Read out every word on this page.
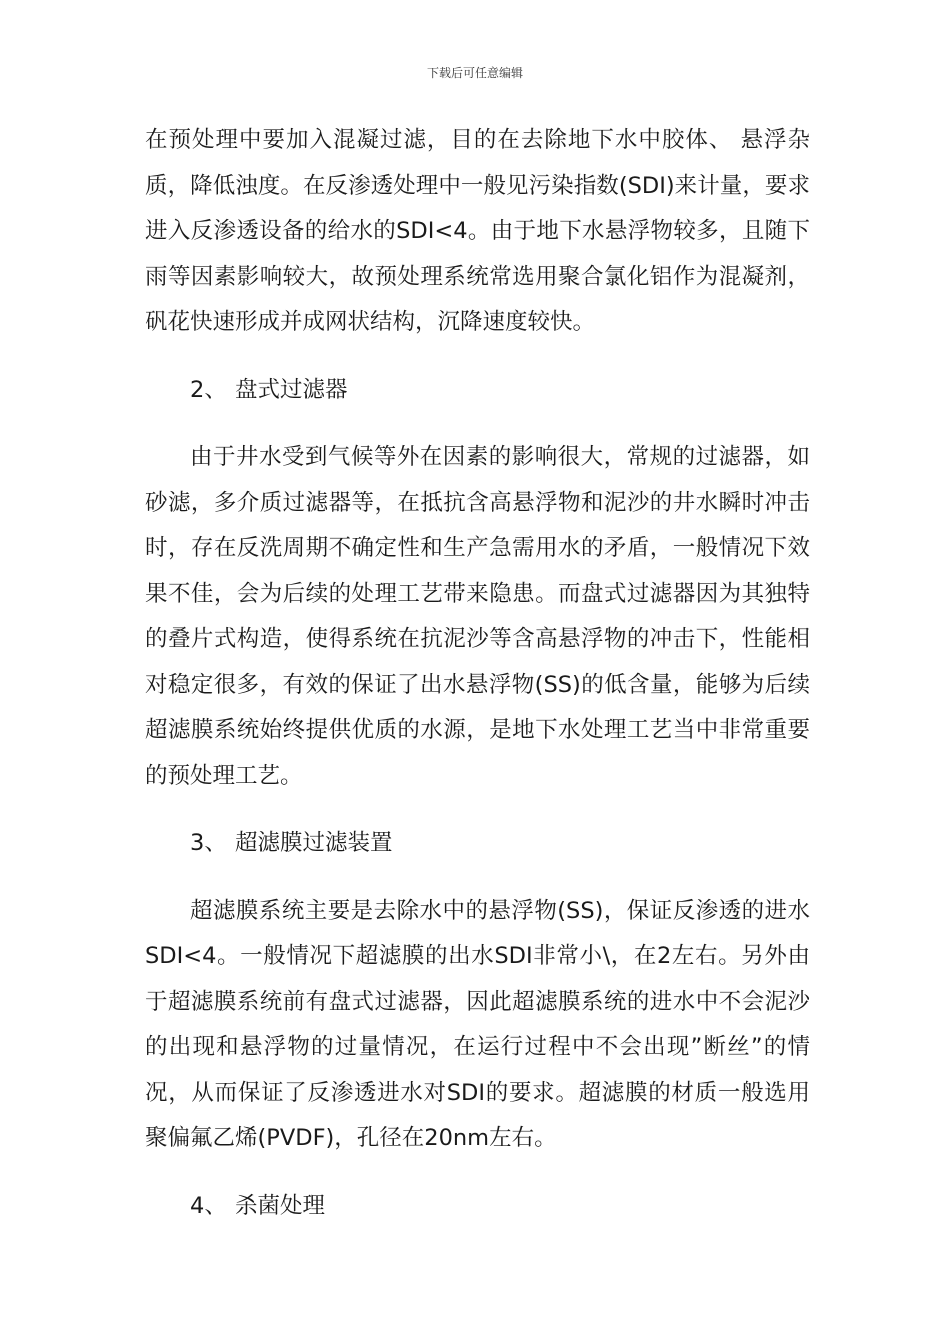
下载后可任意编辑

在预处理中要加入混凝过滤，目的在去除地下水中胶体、 悬浮杂质，降低浊度。在反渗透处理中一般见污染指数(SDI)来计量，要求进入反渗透设备的给水的SDI<4。由于地下水悬浮物较多，且随下雨等因素影响较大，故预处理系统常选用聚合氯化铝作为混凝剂，矾花快速形成并成网状结构，沉降速度较快。

2、 盘式过滤器

由于井水受到气候等外在因素的影响很大，常规的过滤器，如砂滤，多介质过滤器等，在抵抗含高悬浮物和泥沙的井水瞬时冲击时，存在反洗周期不确定性和生产急需用水的矛盾，一般情况下效果不佳，会为后续的处理工艺带来隐患。而盘式过滤器因为其独特的叠片式构造，使得系统在抗泥沙等含高悬浮物的冲击下，性能相对稳定很多，有效的保证了出水悬浮物(SS)的低含量，能够为后续超滤膜系统始终提供优质的水源，是地下水处理工艺当中非常重要的预处理工艺。

3、 超滤膜过滤装置

超滤膜系统主要是去除水中的悬浮物(SS)，保证反渗透的进水SDI<4。一般情况下超滤膜的出水SDI非常小\，在2左右。另外由于超滤膜系统前有盘式过滤器，因此超滤膜系统的进水中不会泥沙的出现和悬浮物的过量情况，在运行过程中不会出现”断丝”的情况，从而保证了反渗透进水对SDI的要求。超滤膜的材质一般选用聚偏氟乙烯(PVDF)，孔径在20nm左右。

4、 杀菌处理
